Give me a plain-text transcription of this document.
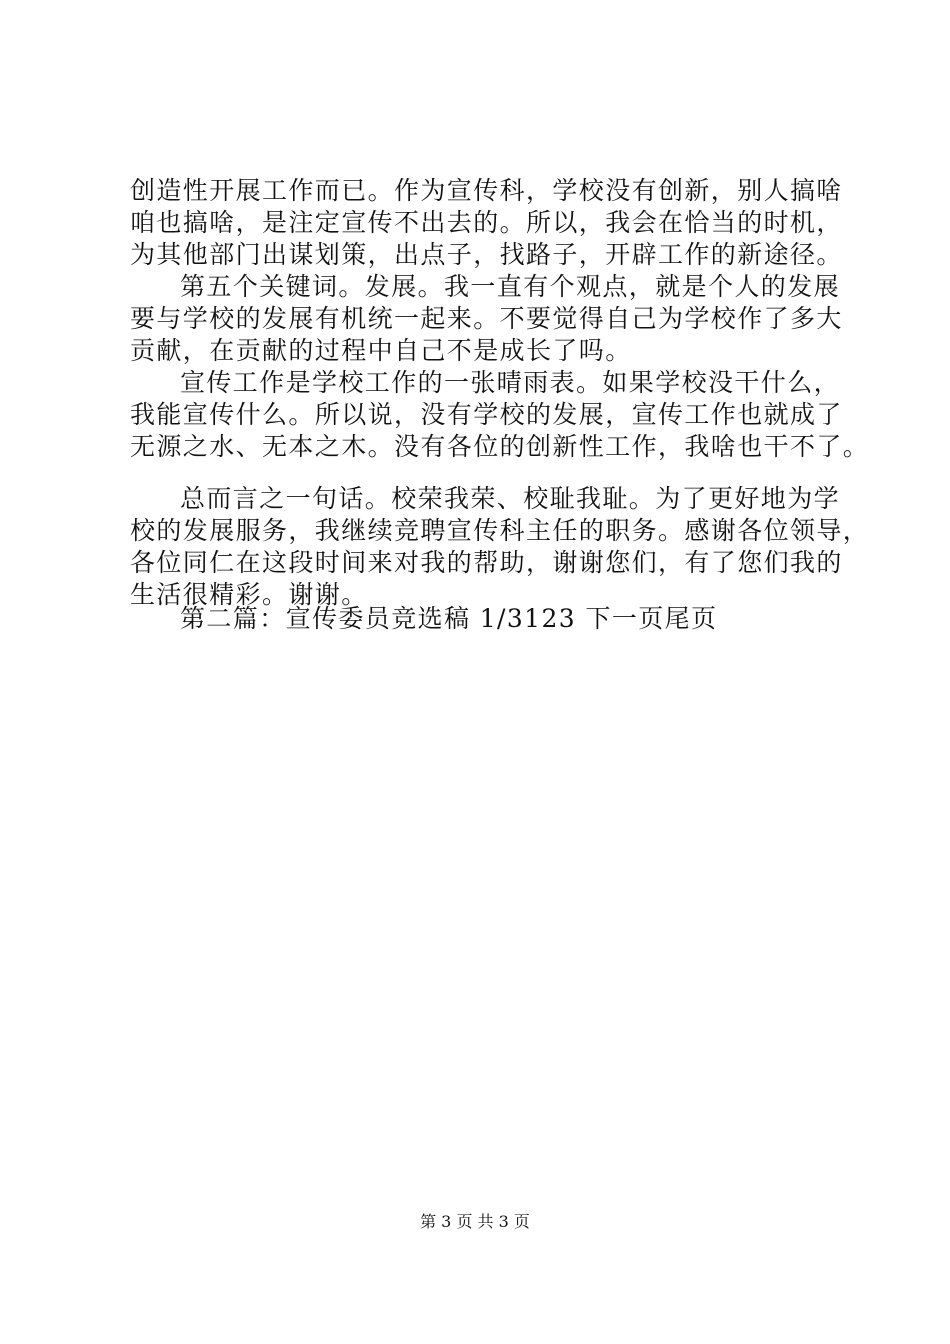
创造性开展工作而已。作为宣传科，学校没有创新，别人搞啥
咱也搞啥，是注定宣传不出去的。所以，我会在恰当的时机，
为其他部门出谋划策，出点子，找路子，开辟工作的新途径。
第五个关键词。发展。我一直有个观点，就是个人的发展
要与学校的发展有机统一起来。不要觉得自己为学校作了多大
贡献，在贡献的过程中自己不是成长了吗。
宣传工作是学校工作的一张晴雨表。如果学校没干什么，
我能宣传什么。所以说，没有学校的发展，宣传工作也就成了
无源之水、无本之木。没有各位的创新性工作，我啥也干不了。
总而言之一句话。校荣我荣、校耻我耻。为了更好地为学
校的发展服务，我继续竞聘宣传科主任的职务。感谢各位领导，
各位同仁在这段时间来对我的帮助，谢谢您们，有了您们我的
生活很精彩。谢谢。
第二篇：宣传委员竞选稿 1/3123 下一页尾页
第 3 页 共 3 页
